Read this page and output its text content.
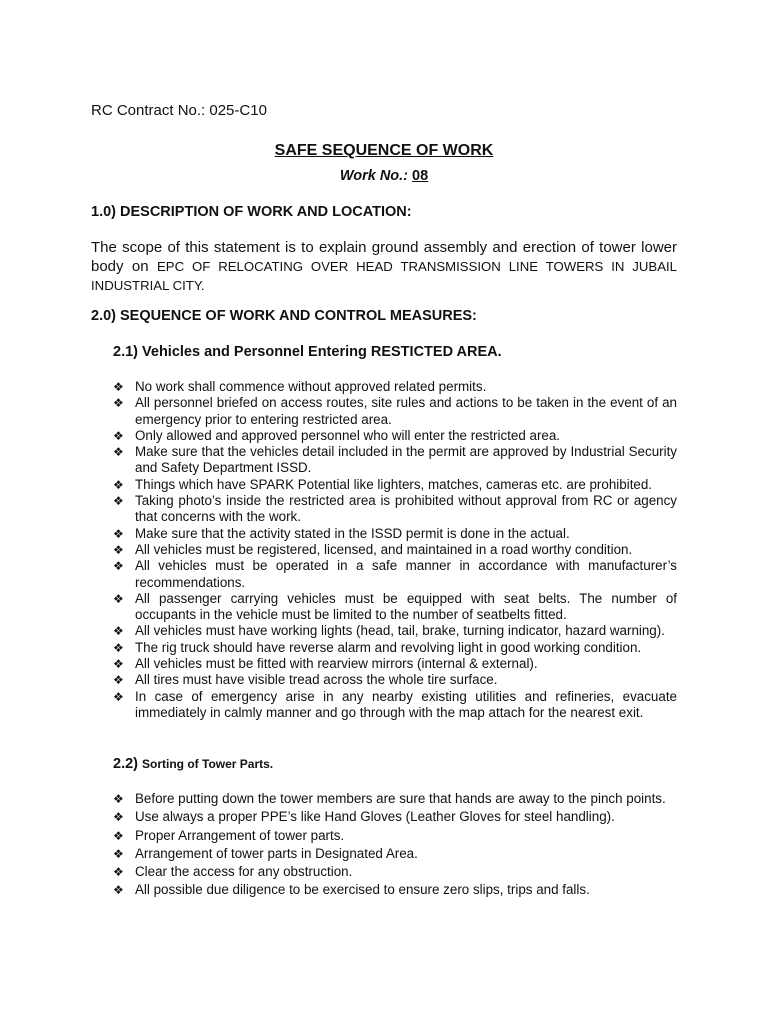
RC Contract No.: 025-C10
SAFE SEQUENCE OF WORK
Work No.: 08
1.0) DESCRIPTION OF WORK AND LOCATION:
The scope of this statement is to explain ground assembly and erection of tower lower body on EPC OF RELOCATING OVER HEAD TRANSMISSION LINE TOWERS IN JUBAIL INDUSTRIAL CITY.
2.0) SEQUENCE OF WORK AND CONTROL MEASURES:
2.1) Vehicles and Personnel Entering RESTICTED AREA.
❖ No work shall commence without approved related permits.
❖ All personnel briefed on access routes, site rules and actions to be taken in the event of an emergency prior to entering restricted area.
❖ Only allowed and approved personnel who will enter the restricted area.
❖ Make sure that the vehicles detail included in the permit are approved by Industrial Security and Safety Department ISSD.
❖ Things which have SPARK Potential like lighters, matches, cameras etc. are prohibited.
❖ Taking photo’s inside the restricted area is prohibited without approval from RC or agency that concerns with the work.
❖ Make sure that the activity stated in the ISSD permit is done in the actual.
❖ All vehicles must be registered, licensed, and maintained in a road worthy condition.
❖ All vehicles must be operated in a safe manner in accordance with manufacturer’s recommendations.
❖ All passenger carrying vehicles must be equipped with seat belts. The number of occupants in the vehicle must be limited to the number of seatbelts fitted.
❖ All vehicles must have working lights (head, tail, brake, turning indicator, hazard warning).
❖ The rig truck should have reverse alarm and revolving light in good working condition.
❖ All vehicles must be fitted with rearview mirrors (internal & external).
❖ All tires must have visible tread across the whole tire surface.
❖ In case of emergency arise in any nearby existing utilities and refineries, evacuate immediately in calmly manner and go through with the map attach for the nearest exit.
2.2) Sorting of Tower Parts.
❖ Before putting down the tower members are sure that hands are away to the pinch points.
❖ Use always a proper PPE’s like Hand Gloves (Leather Gloves for steel handling).
❖ Proper Arrangement of tower parts.
❖ Arrangement of tower parts in Designated Area.
❖ Clear the access for any obstruction.
❖ All possible due diligence to be exercised to ensure zero slips, trips and falls.
